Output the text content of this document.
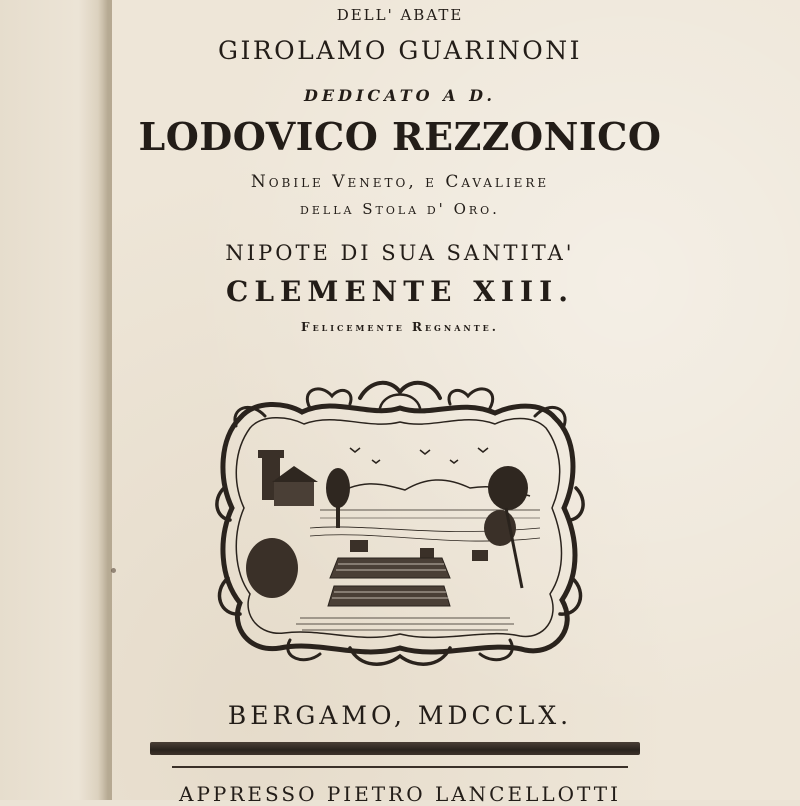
DELL' ABATE
GIROLAMO GUARINONI
DEDICATO A D.
LODOVICO REZZONICO
Nobile Veneto, e Cavaliere
della Stola d' Oro.
NIPOTE DI SUA SANTITA'
CLEMENTE XIII.
Felicemente Regnante.
BERGAMO, MDCCLX.
APPRESSO PIETRO LANCELLOTTI
